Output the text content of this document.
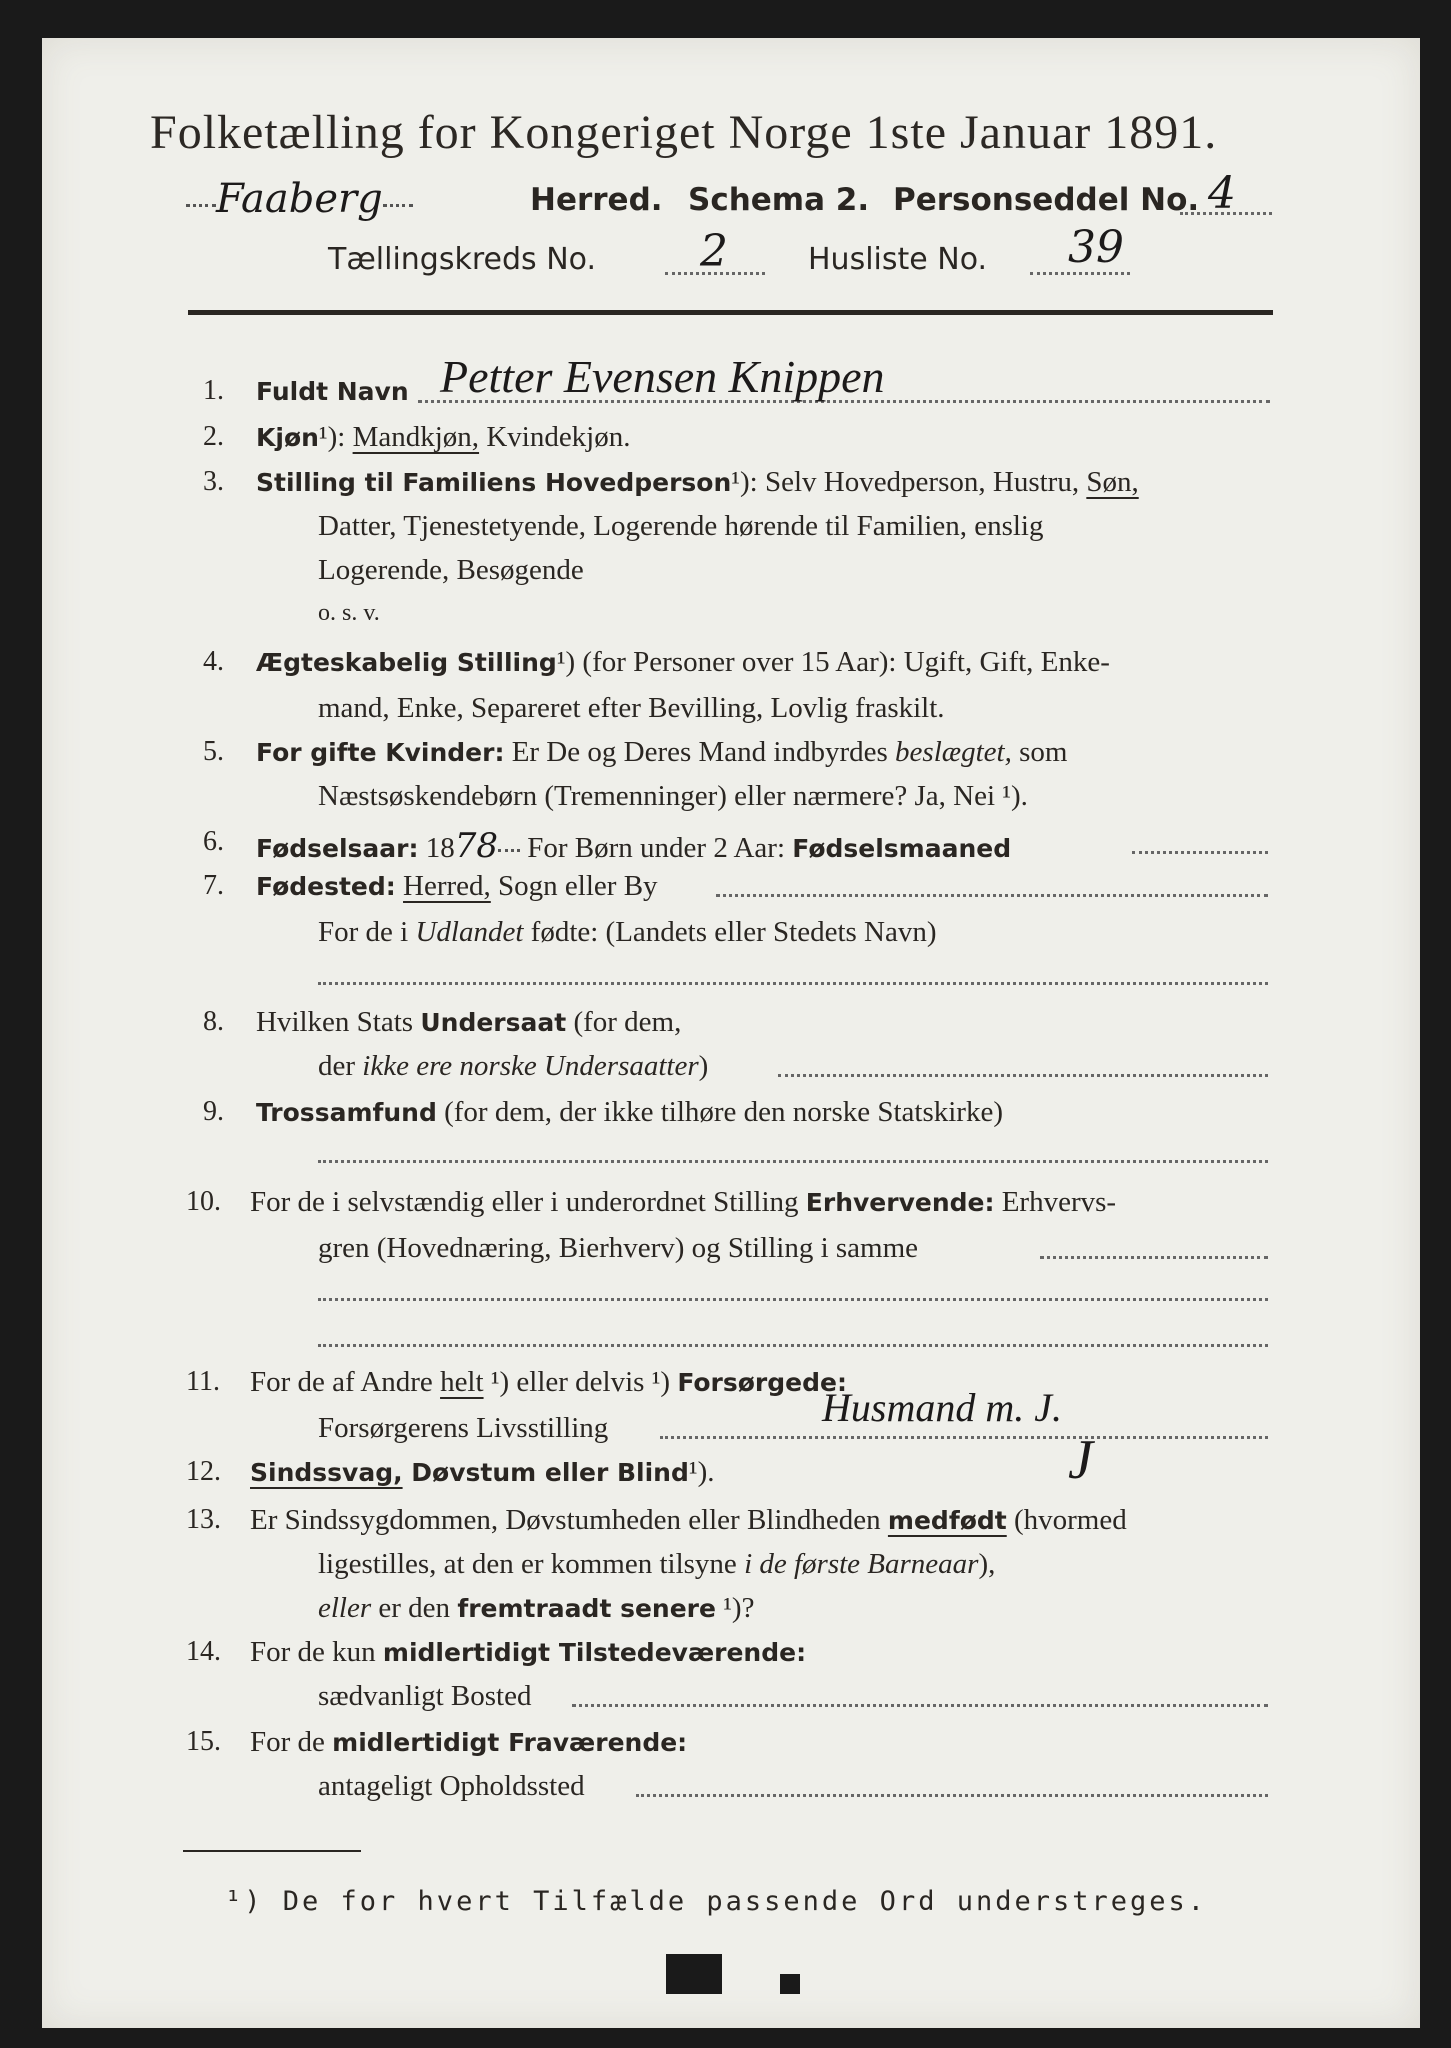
Folketælling for Kongeriget Norge 1ste Januar 1891.
Faaberg	Herred. Schema 2. Personseddel No. 4
Tællingskreds No. 2	Husliste No. 39
1. Fuldt Navn Petter Evensen Knippen
2. Kjøn¹): Mandkjøn, Kvindekjøn.
3. Stilling til Familiens Hovedperson¹): Selv Hovedperson, Hustru, Søn,
Datter, Tjenestetyende, Logerende hørende til Familien, enslig
Logerende, Besøgende
o. s. v.
4. Ægteskabelig Stilling¹) (for Personer over 15 Aar): Ugift, Gift, Enke-
mand, Enke, Separeret efter Bevilling, Lovlig fraskilt.
5. For gifte Kvinder: Er De og Deres Mand indbyrdes beslægtet, som
Næstsøskendebørn (Tremenninger) eller nærmere? Ja, Nei ¹).
6. Fødselsaar: 1878 For Børn under 2 Aar: Fødselsmaaned
7. Fødested: Herred, Sogn eller By
For de i Udlandet fødte: (Landets eller Stedets Navn)
8. Hvilken Stats Undersaat (for dem,
der ikke ere norske Undersaatter)
9. Trossamfund (for dem, der ikke tilhøre den norske Statskirke)
10. For de i selvstændig eller i underordnet Stilling Erhvervende: Erhvervs-
gren (Hovednæring, Bierhverv) og Stilling i samme
11. For de af Andre helt ¹) eller delvis ¹) Forsørgede:
Forsørgerens Livsstilling	Husmand m. J.
12. Sindssvag, Døvstum eller Blind¹).	J
13. Er Sindssygdommen, Døvstumheden eller Blindheden medfødt (hvormed
ligestilles, at den er kommen tilsyne i de første Barneaar),
eller er den fremtraadt senere ¹)?
14. For de kun midlertidigt Tilstedeværende:
sædvanligt Bosted
15. For de midlertidigt Fraværende:
antageligt Opholdssted
¹) De for hvert Tilfælde passende Ord understreges.
